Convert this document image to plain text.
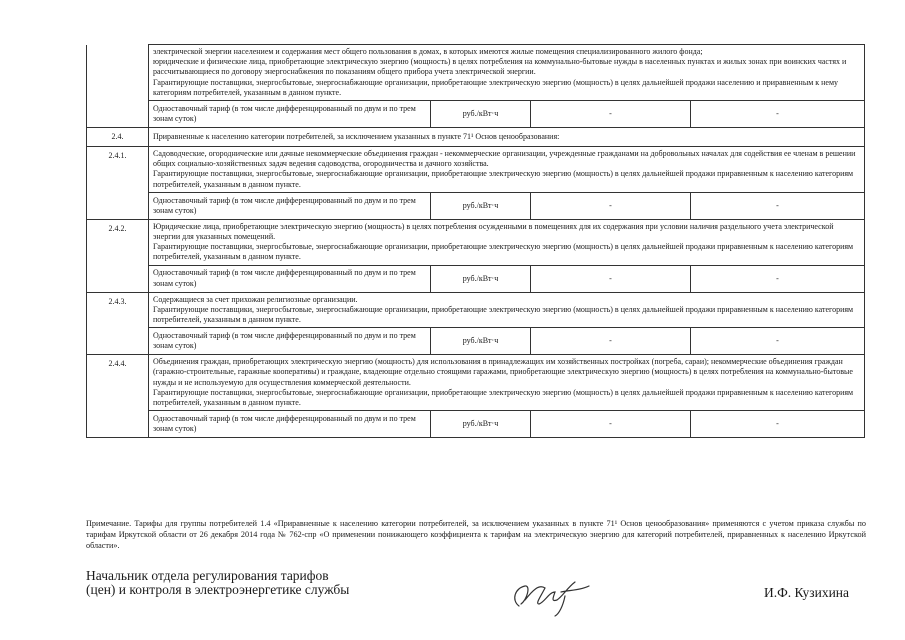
	электрической энергии населением и содержания мест общего пользования в домах, в которых имеются жилые помещения специализированного жилого фонда;
юридические и физические лица, приобретающие электрическую энергию (мощность) в целях потребления на коммунально-бытовые нужды в населенных пунктах и жилых зонах при воинских частях и рассчитывающиеся по договору энергоснабжения по показаниям общего прибора учета электрической энергии.
Гарантирующие поставщики, энергосбытовые, энергоснабжающие организации, приобретающие электрическую энергию (мощность) в целях дальнейшей продажи населению и приравненным к нему категориям потребителей, указанным в данном пункте.			

	Одноставочный тариф (в том числе дифференцированный по двум и по трем зонам суток)	руб./кВт·ч	-	-
2.4.	Приравненные к населению категории потребителей, за исключением указанных в пункте 71¹ Основ ценообразования:			
2.4.1.	Садоводческие, огороднические или дачные некоммерческие объединения граждан - некоммерческие организации, учрежденные гражданами на добровольных началах для содействия ее членам в решении общих социально-хозяйственных задач ведения садоводства, огородничества и дачного хозяйства.
Гарантирующие поставщики, энергосбытовые, энергоснабжающие организации, приобретающие электрическую энергию (мощность) в целях дальнейшей продажи приравненным к населению категориям потребителей, указанным в данном пункте.			

	Одноставочный тариф (в том числе дифференцированный по двум и по трем зонам суток)	руб./кВт·ч	-	-
2.4.2.	Юридические лица, приобретающие электрическую энергию (мощность) в целях потребления осужденными в помещениях для их содержания при условии наличия раздельного учета электрической энергии для указанных помещений.
Гарантирующие поставщики, энергосбытовые, энергоснабжающие организации, приобретающие электрическую энергию (мощность) в целях дальнейшей продажи приравненным к населению категориям потребителей, указанным в данном пункте.			

	Одноставочный тариф (в том числе дифференцированный по двум и по трем зонам суток)	руб./кВт·ч	-	-
2.4.3.	Содержащиеся за счет прихожан религиозные организации.
Гарантирующие поставщики, энергосбытовые, энергоснабжающие организации, приобретающие электрическую энергию (мощность) в целях дальнейшей продажи приравненным к населению категориям потребителей, указанным в данном пункте.			

	Одноставочный тариф (в том числе дифференцированный по двум и по трем зонам суток)	руб./кВт·ч	-	-
2.4.4.	Объединения граждан, приобретающих электрическую энергию (мощность) для использования в принадлежащих им хозяйственных постройках (погреба, сараи); некоммерческие объединения граждан (гаражно-строительные, гаражные кооперативы) и граждане, владеющие отдельно стоящими гаражами, приобретающие электрическую энергию (мощность) в целях потребления на коммунально-бытовые нужды и не используемую для осуществления коммерческой деятельности.
Гарантирующие поставщики, энергосбытовые, энергоснабжающие организации, приобретающие электрическую энергию (мощность) в целях дальнейшей продажи приравненным к населению категориям потребителей, указанным в данном пункте.			

	Одноставочный тариф (в том числе дифференцированный по двум и по трем зонам суток)	руб./кВт·ч	-	-
Примечание. Тарифы для группы потребителей 1.4 «Приравненные к населению категории потребителей, за исключением указанных в пункте 71¹ Основ ценообразования» применяются с учетом приказа службы по тарифам Иркутской области от 26 декабря 2014 года № 762-спр «О применении понижающего коэффициента к тарифам на электрическую энергию для категорий потребителей, приравненных к населению Иркутской области».
Начальник отдела регулирования тарифов
(цен) и контроля в электроэнергетике службы	И.Ф. Кузихина
